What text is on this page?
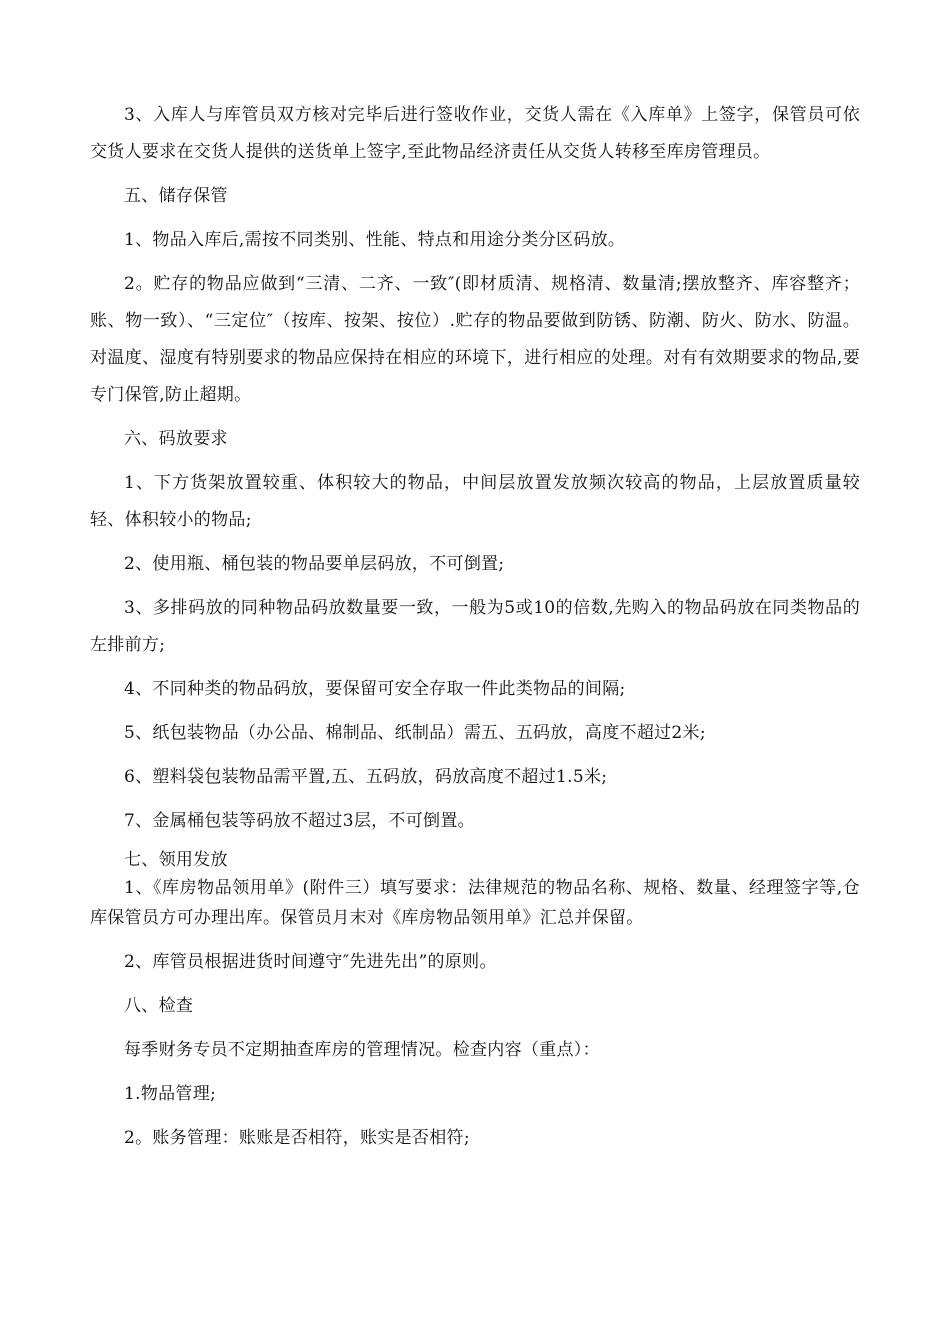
3、入库人与库管员双方核对完毕后进行签收作业，交货人需在《入库单》上签字，保管员可依交货人要求在交货人提供的送货单上签字,至此物品经济责任从交货人转移至库房管理员。

五、储存保管

1、物品入库后,需按不同类别、性能、特点和用途分类分区码放。

2。贮存的物品应做到“三清、二齐、一致″(即材质清、规格清、数量清;摆放整齐、库容整齐；账、物一致）、“三定位″（按库、按架、按位）.贮存的物品要做到防锈、防潮、防火、防水、防温。对温度、湿度有特别要求的物品应保持在相应的环境下，进行相应的处理。对有有效期要求的物品,要专门保管,防止超期。

六、码放要求

1、下方货架放置较重、体积较大的物品，中间层放置发放频次较高的物品，上层放置质量较轻、体积较小的物品;

2、使用瓶、桶包装的物品要单层码放，不可倒置;

3、多排码放的同种物品码放数量要一致，一般为5或10的倍数,先购入的物品码放在同类物品的左排前方;

4、不同种类的物品码放，要保留可安全存取一件此类物品的间隔;

5、纸包装物品（办公品、棉制品、纸制品）需五、五码放，高度不超过2米;

6、塑料袋包装物品需平置,五、五码放，码放高度不超过1.5米;

7、金属桶包装等码放不超过3层，不可倒置。

七、领用发放

1、《库房物品领用单》(附件三）填写要求：法律规范的物品名称、规格、数量、经理签字等,仓库保管员方可办理出库。保管员月末对《库房物品领用单》汇总并保留。

2、库管员根据进货时间遵守″先进先出”的原则。

八、检查

每季财务专员不定期抽查库房的管理情况。检查内容（重点）：

1.物品管理;

2。账务管理：账账是否相符，账实是否相符;
